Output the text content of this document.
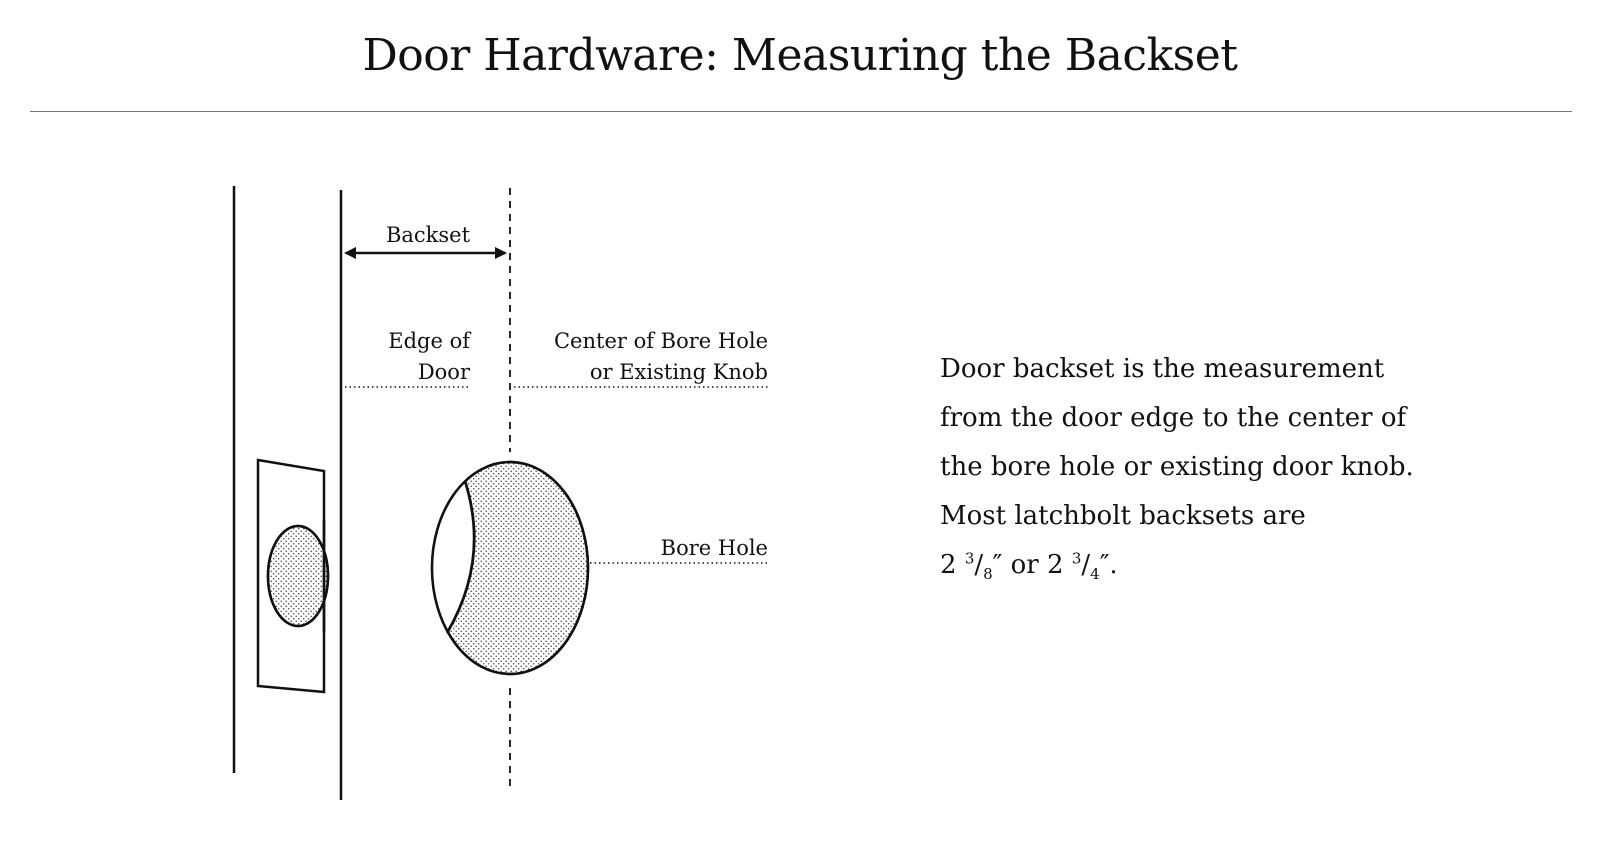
Door Hardware: Measuring the Backset
Backset
Edge of
Door
Center of Bore Hole
or Existing Knob
Bore Hole
Door backset is the measurement from the door edge to the center of the bore hole or existing door knob. Most latchbolt backsets are
2 $^3/_8''$ or 2 $^3/_4''$.
